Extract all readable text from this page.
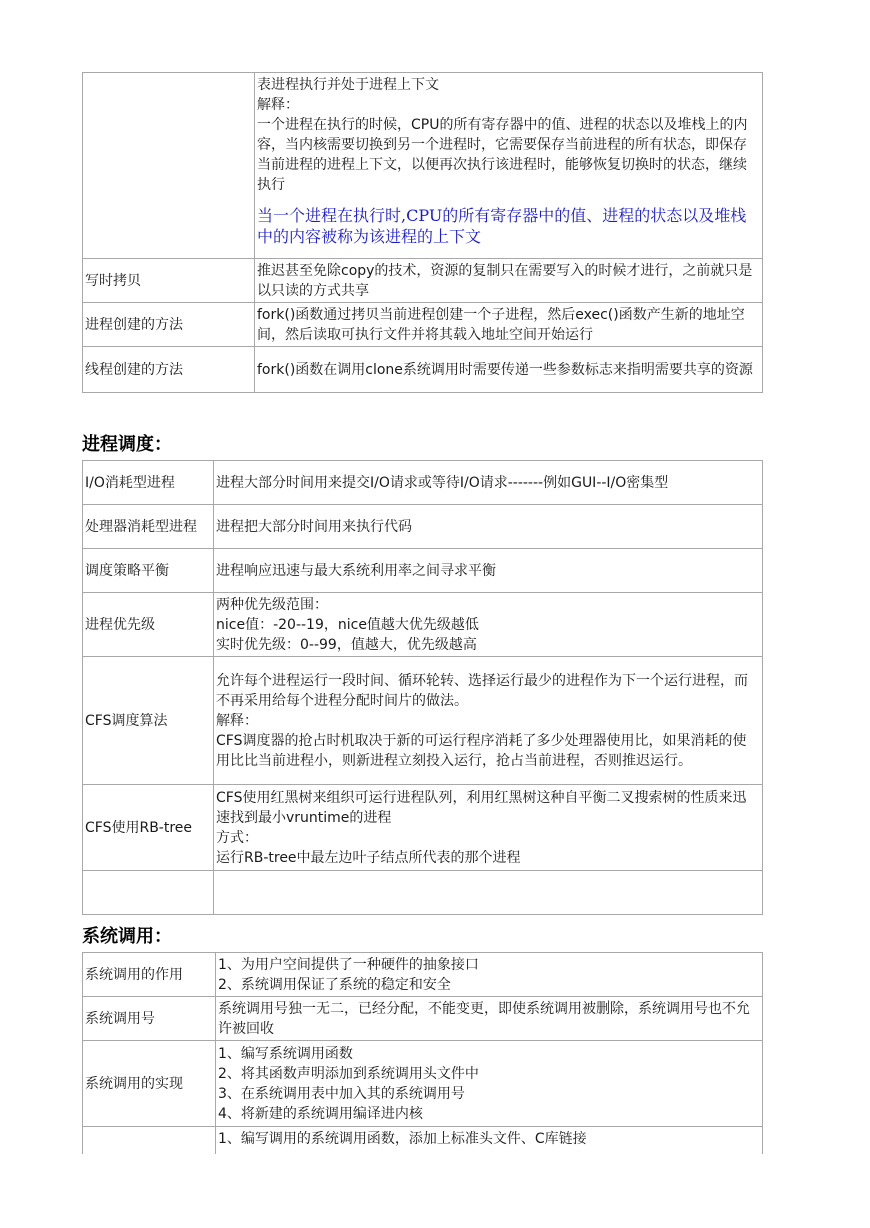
	表进程执行并处于进程上下文
解释：
一个进程在执行的时候，CPU的所有寄存器中的值、进程的状态以及堆栈上的内容，当内核需要切换到另一个进程时，它需要保存当前进程的所有状态，即保存当前进程的进程上下文，以便再次执行该进程时，能够恢复切换时的状态，继续执行
当一个进程在执行时,CPU的所有寄存器中的值、进程的状态以及堆栈中的内容被称为该进程的上下文

写时拷贝	推迟甚至免除copy的技术，资源的复制只在需要写入的时候才进行，之前就只是以只读的方式共享

进程创建的方法	fork()函数通过拷贝当前进程创建一个子进程，然后exec()函数产生新的地址空间，然后读取可执行文件并将其载入地址空间开始运行

线程创建的方法	fork()函数在调用clone系统调用时需要传递一些参数标志来指明需要共享的资源
进程调度：
I/O消耗型进程	进程大部分时间用来提交I/O请求或等待I/O请求-------例如GUI--I/O密集型

处理器消耗型进程	进程把大部分时间用来执行代码

调度策略平衡	进程响应迅速与最大系统利用率之间寻求平衡

进程优先级	两种优先级范围：
nice值：-20--19，nice值越大优先级越低
实时优先级：0--99，值越大，优先级越高

CFS调度算法	允许每个进程运行一段时间、循环轮转、选择运行最少的进程作为下一个运行进程，而不再采用给每个进程分配时间片的做法。
解释：
CFS调度器的抢占时机取决于新的可运行程序消耗了多少处理器使用比，如果消耗的使用比比当前进程小，则新进程立刻投入运行，抢占当前进程，否则推迟运行。

CFS使用RB-tree	CFS使用红黑树来组织可运行进程队列，利用红黑树这种自平衡二叉搜索树的性质来迅速找到最小vruntime的进程
方式：
运行RB-tree中最左边叶子结点所代表的那个进程

系统调用：
系统调用的作用	1、为用户空间提供了一种硬件的抽象接口
2、系统调用保证了系统的稳定和安全

系统调用号	系统调用号独一无二，已经分配，不能变更，即使系统调用被删除，系统调用号也不允许被回收

系统调用的实现	1、编写系统调用函数
2、将其函数声明添加到系统调用头文件中
3、在系统调用表中加入其的系统调用号
4、将新建的系统调用编译进内核

	1、编写调用的系统调用函数，添加上标准头文件、C库链接
